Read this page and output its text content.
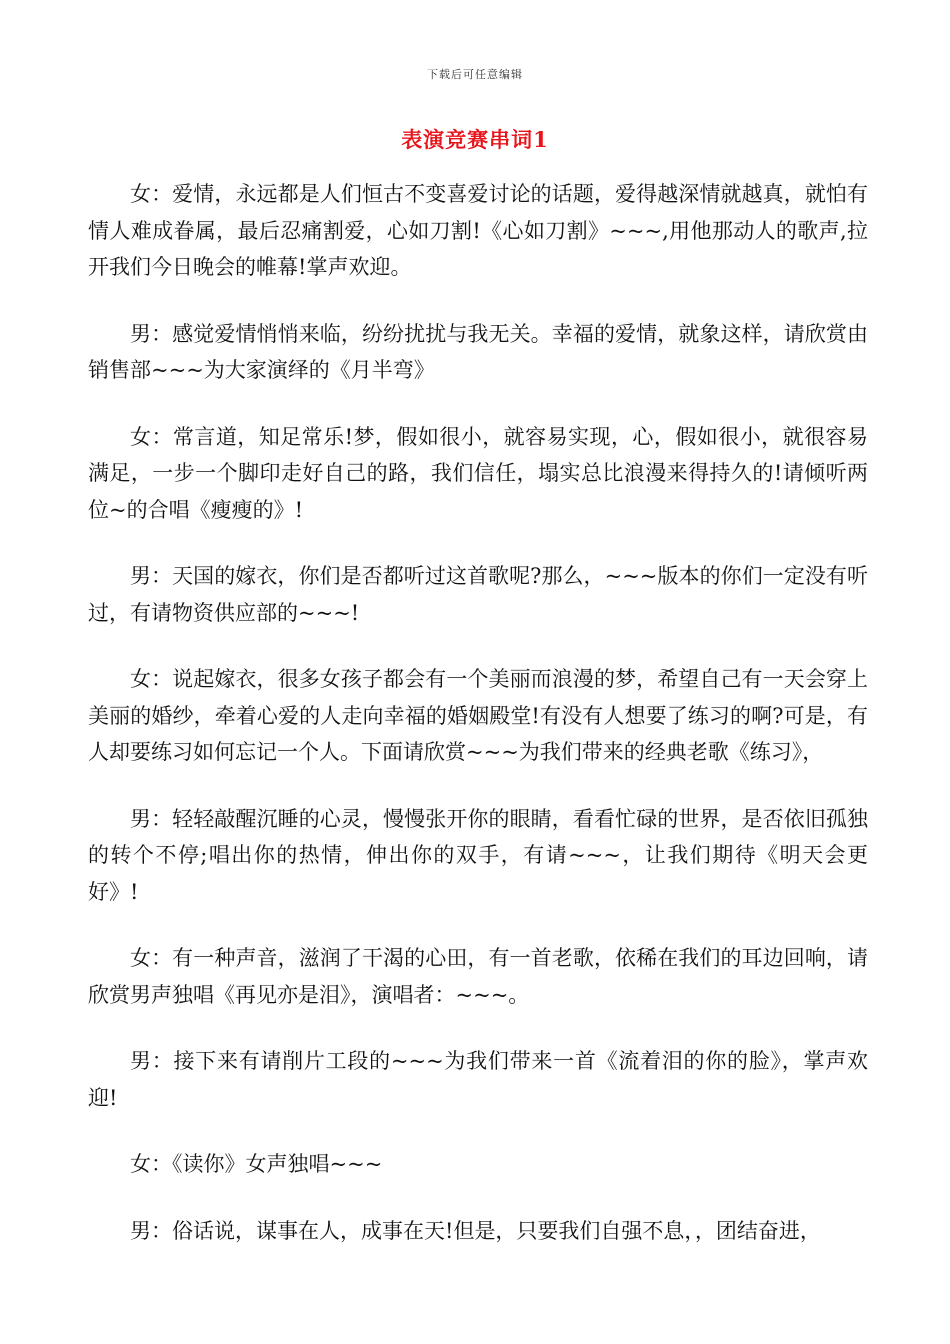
下载后可任意编辑
表演竞赛串词1

女：爱情，永远都是人们恒古不变喜爱讨论的话题，爱得越深情就越真，就怕有情人难成眷属，最后忍痛割爱，心如刀割!《心如刀割》~~~,用他那动人的歌声,拉开我们今日晚会的帷幕!掌声欢迎。

男：感觉爱情悄悄来临，纷纷扰扰与我无关。幸福的爱情，就象这样，请欣赏由销售部~~~为大家演绎的《月半弯》

女：常言道，知足常乐!梦，假如很小，就容易实现，心，假如很小，就很容易满足，一步一个脚印走好自己的路，我们信任，塌实总比浪漫来得持久的!请倾听两位~的合唱《瘦瘦的》!

男：天国的嫁衣，你们是否都听过这首歌呢?那么，~~~版本的你们一定没有听过，有请物资供应部的~~~!

女：说起嫁衣，很多女孩子都会有一个美丽而浪漫的梦，希望自己有一天会穿上美丽的婚纱，牵着心爱的人走向幸福的婚姻殿堂!有没有人想要了练习的啊?可是，有人却要练习如何忘记一个人。下面请欣赏~~~为我们带来的经典老歌《练习》，

男：轻轻敲醒沉睡的心灵，慢慢张开你的眼睛，看看忙碌的世界，是否依旧孤独的转个不停;唱出你的热情，伸出你的双手，有请~~~，让我们期待《明天会更好》!

女：有一种声音，滋润了干渴的心田，有一首老歌，依稀在我们的耳边回响，请欣赏男声独唱《再见亦是泪》，演唱者：~~~。

男：接下来有请削片工段的~~~为我们带来一首《流着泪的你的脸》，掌声欢迎!

女：《读你》女声独唱~~~

男：俗话说，谋事在人，成事在天!但是，只要我们自强不息，，团结奋进，
